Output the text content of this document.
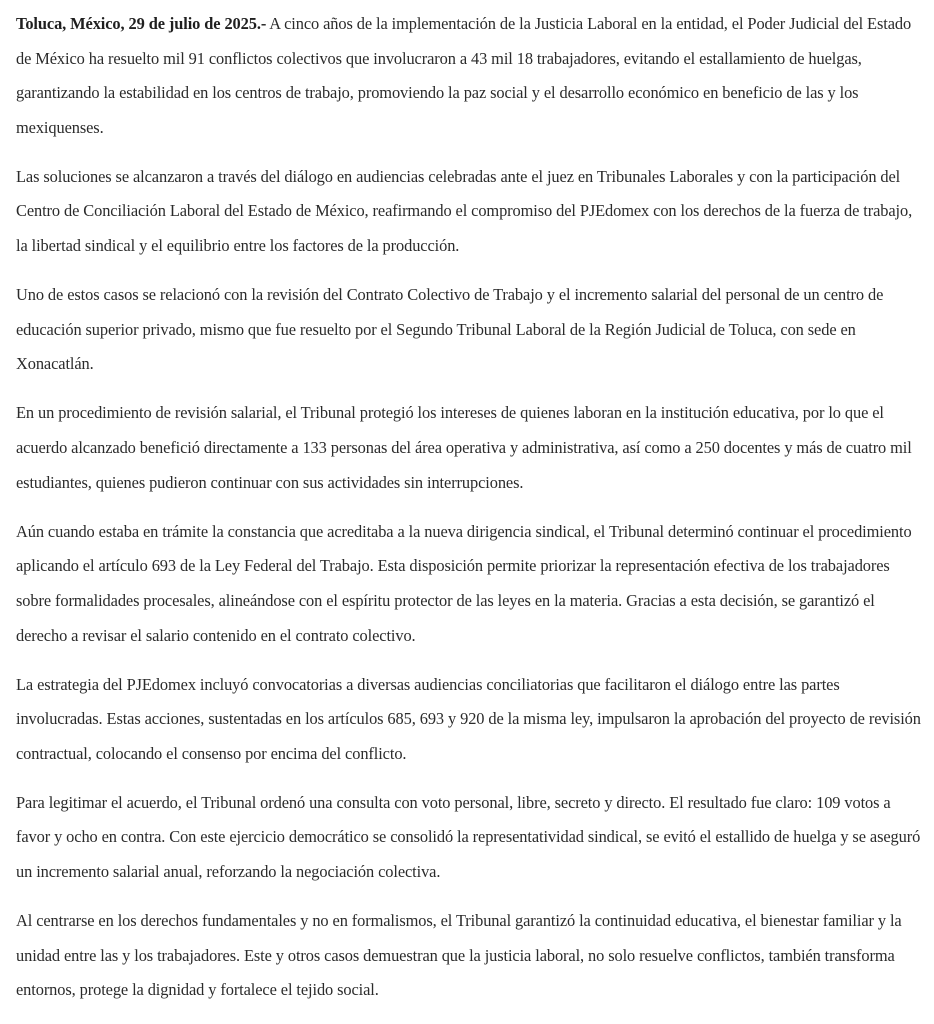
Toluca, México, 29 de julio de 2025.- A cinco años de la implementación de la Justicia Laboral en la entidad, el Poder Judicial del Estado de México ha resuelto mil 91 conflictos colectivos que involucraron a 43 mil 18 trabajadores, evitando el estallamiento de huelgas, garantizando la estabilidad en los centros de trabajo, promoviendo la paz social y el desarrollo económico en beneficio de las y los mexiquenses.

Las soluciones se alcanzaron a través del diálogo en audiencias celebradas ante el juez en Tribunales Laborales y con la participación del Centro de Conciliación Laboral del Estado de México, reafirmando el compromiso del PJEdomex con los derechos de la fuerza de trabajo, la libertad sindical y el equilibrio entre los factores de la producción.

Uno de estos casos se relacionó con la revisión del Contrato Colectivo de Trabajo y el incremento salarial del personal de un centro de educación superior privado, mismo que fue resuelto por el Segundo Tribunal Laboral de la Región Judicial de Toluca, con sede en Xonacatlán.

En un procedimiento de revisión salarial, el Tribunal protegió los intereses de quienes laboran en la institución educativa, por lo que el acuerdo alcanzado benefició directamente a 133 personas del área operativa y administrativa, así como a 250 docentes y más de cuatro mil estudiantes, quienes pudieron continuar con sus actividades sin interrupciones.

Aún cuando estaba en trámite la constancia que acreditaba a la nueva dirigencia sindical, el Tribunal determinó continuar el procedimiento aplicando el artículo 693 de la Ley Federal del Trabajo. Esta disposición permite priorizar la representación efectiva de los trabajadores sobre formalidades procesales, alineándose con el espíritu protector de las leyes en la materia. Gracias a esta decisión, se garantizó el derecho a revisar el salario contenido en el contrato colectivo.

La estrategia del PJEdomex incluyó convocatorias a diversas audiencias conciliatorias que facilitaron el diálogo entre las partes involucradas. Estas acciones, sustentadas en los artículos 685, 693 y 920 de la misma ley, impulsaron la aprobación del proyecto de revisión contractual, colocando el consenso por encima del conflicto.

Para legitimar el acuerdo, el Tribunal ordenó una consulta con voto personal, libre, secreto y directo. El resultado fue claro: 109 votos a favor y ocho en contra. Con este ejercicio democrático se consolidó la representatividad sindical, se evitó el estallido de huelga y se aseguró un incremento salarial anual, reforzando la negociación colectiva.

Al centrarse en los derechos fundamentales y no en formalismos, el Tribunal garantizó la continuidad educativa, el bienestar familiar y la unidad entre las y los trabajadores. Este y otros casos demuestran que la justicia laboral, no solo resuelve conflictos, también transforma entornos, protege la dignidad y fortalece el tejido social.
